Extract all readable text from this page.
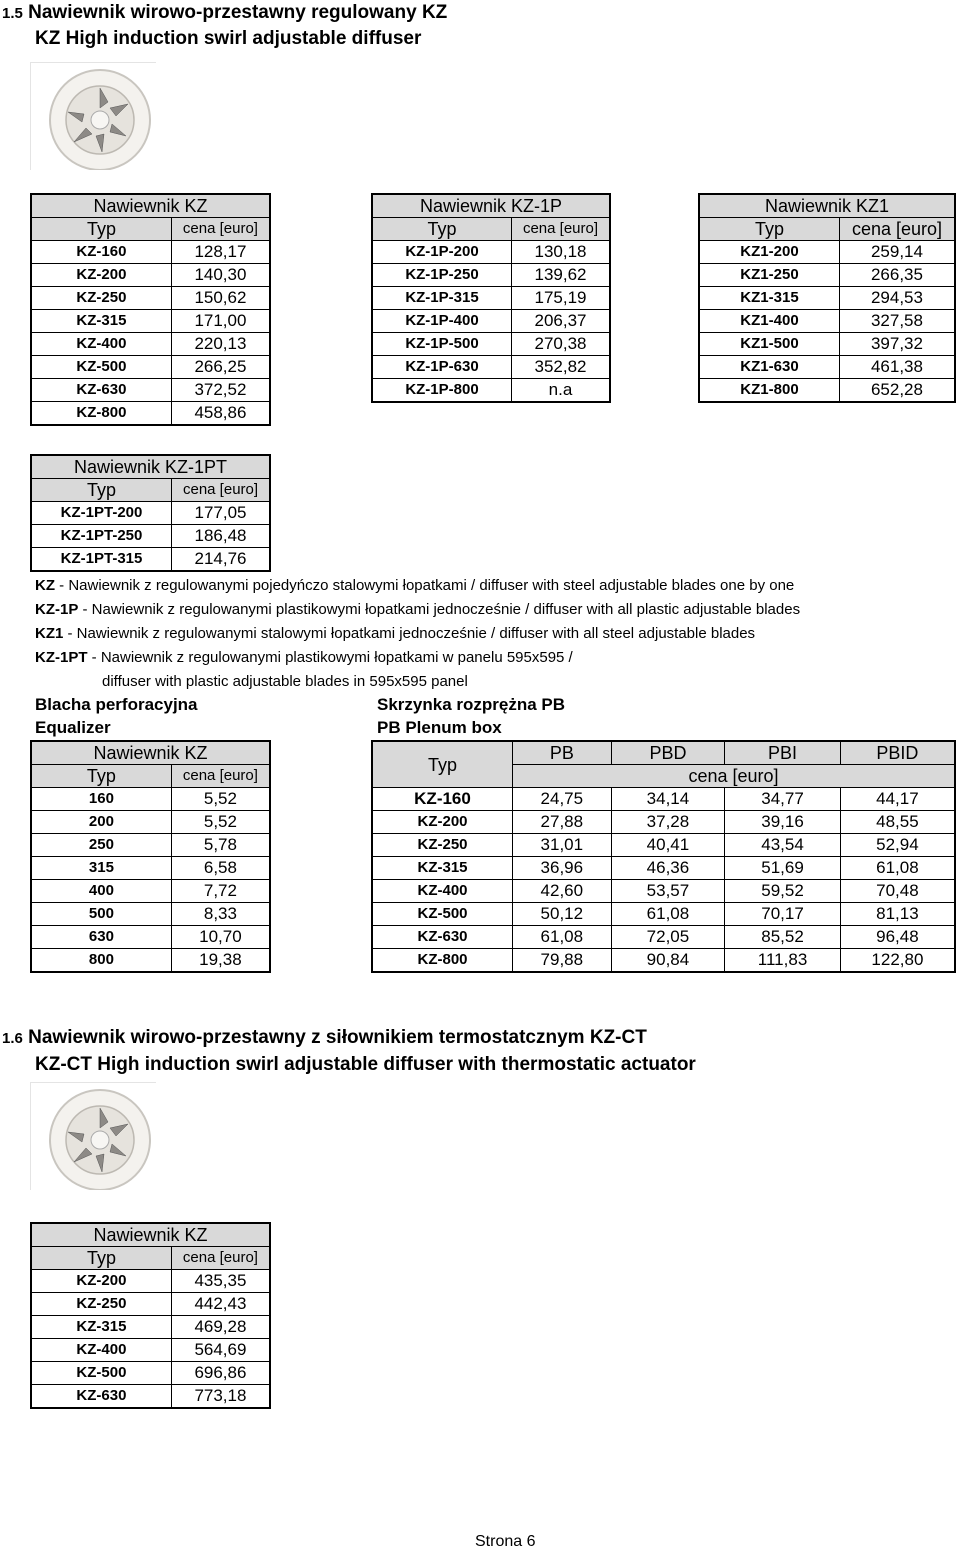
1.5 Nawiewnik wirowo-przestawny regulowany KZ
KZ High induction swirl adjustable diffuser
Nawiewnik KZ	
Typ	cena [euro]
KZ-160	128,17
KZ-200	140,30
KZ-250	150,62
KZ-315	171,00
KZ-400	220,13
KZ-500	266,25
KZ-630	372,52
KZ-800	458,86
Nawiewnik KZ-1P	
Typ	cena [euro]
KZ-1P-200	130,18
KZ-1P-250	139,62
KZ-1P-315	175,19
KZ-1P-400	206,37
KZ-1P-500	270,38
KZ-1P-630	352,82
KZ-1P-800	n.a
Nawiewnik KZ1	
Typ	cena [euro]
KZ1-200	259,14
KZ1-250	266,35
KZ1-315	294,53
KZ1-400	327,58
KZ1-500	397,32
KZ1-630	461,38
KZ1-800	652,28
Nawiewnik KZ-1PT	
Typ	cena [euro]
KZ-1PT-200	177,05
KZ-1PT-250	186,48
KZ-1PT-315	214,76
KZ - Nawiewnik z regulowanymi pojedyńczo stalowymi łopatkami / diffuser with steel adjustable blades one by one
KZ-1P - Nawiewnik z regulowanymi plastikowymi łopatkami jednocześnie / diffuser with all plastic adjustable blades
KZ1 - Nawiewnik z regulowanymi stalowymi łopatkami jednocześnie / diffuser with all steel adjustable blades
KZ-1PT - Nawiewnik z regulowanymi plastikowymi łopatkami w panelu 595x595 /
diffuser with plastic adjustable blades in 595x595 panel
Blacha perforacyjna
Equalizer
Skrzynka rozprężna PB
PB Plenum box
Nawiewnik KZ	
Typ	cena [euro]
160	5,52
200	5,52
250	5,78
315	6,58
400	7,72
500	8,33
630	10,70
800	19,38
Typ	PB	PBD	PBI	PBID
	cena [euro]			
KZ-160	24,75	34,14	34,77	44,17
KZ-200	27,88	37,28	39,16	48,55
KZ-250	31,01	40,41	43,54	52,94
KZ-315	36,96	46,36	51,69	61,08
KZ-400	42,60	53,57	59,52	70,48
KZ-500	50,12	61,08	70,17	81,13
KZ-630	61,08	72,05	85,52	96,48
KZ-800	79,88	90,84	111,83	122,80
1.6 Nawiewnik wirowo-przestawny z siłownikiem termostatcznym KZ-CT
KZ-CT High induction swirl adjustable diffuser with thermostatic actuator
Nawiewnik KZ	
Typ	cena [euro]
KZ-200	435,35
KZ-250	442,43
KZ-315	469,28
KZ-400	564,69
KZ-500	696,86
KZ-630	773,18
Strona 6
